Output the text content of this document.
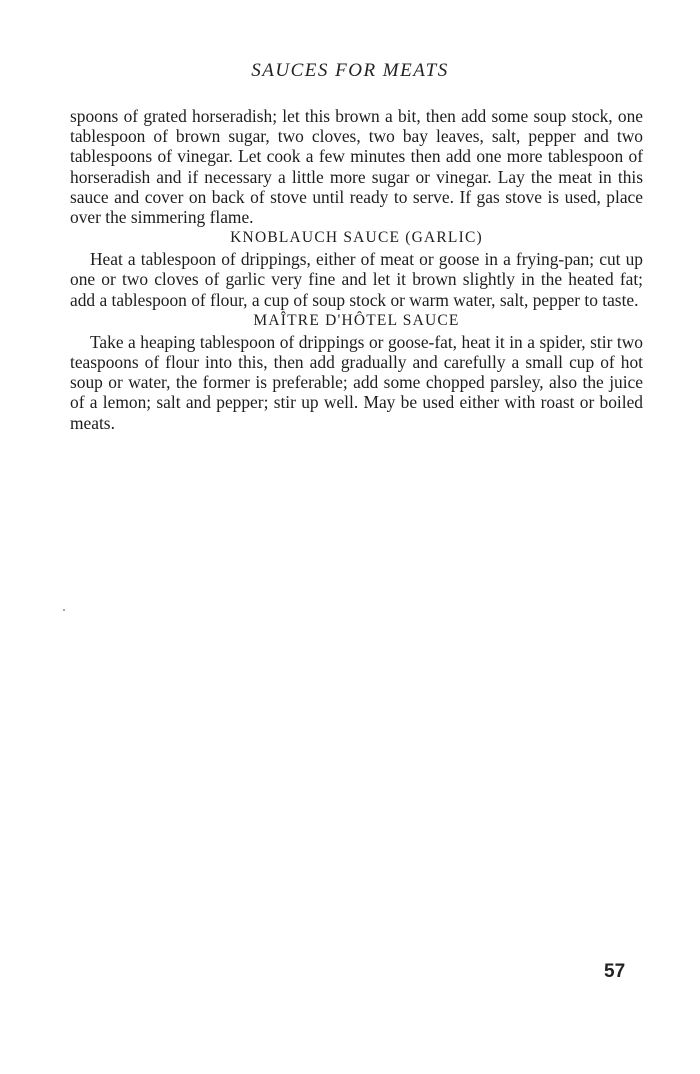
SAUCES FOR MEATS

spoons of grated horseradish; let this brown a bit, then add some soup stock, one tablespoon of brown sugar, two cloves, two bay leaves, salt, pepper and two tablespoons of vinegar. Let cook a few minutes then add one more tablespoon of horseradish and if necessary a little more sugar or vinegar. Lay the meat in this sauce and cover on back of stove until ready to serve. If gas stove is used, place over the simmering flame.

KNOBLAUCH SAUCE (GARLIC)

Heat a tablespoon of drippings, either of meat or goose in a frying-pan; cut up one or two cloves of garlic very fine and let it brown slightly in the heated fat; add a tablespoon of flour, a cup of soup stock or warm water, salt, pepper to taste.

MAÎTRE D'HÔTEL SAUCE

Take a heaping tablespoon of drippings or goose-fat, heat it in a spider, stir two teaspoons of flour into this, then add gradually and carefully a small cup of hot soup or water, the former is preferable; add some chopped parsley, also the juice of a lemon; salt and pepper; stir up well. May be used either with roast or boiled meats.

57
